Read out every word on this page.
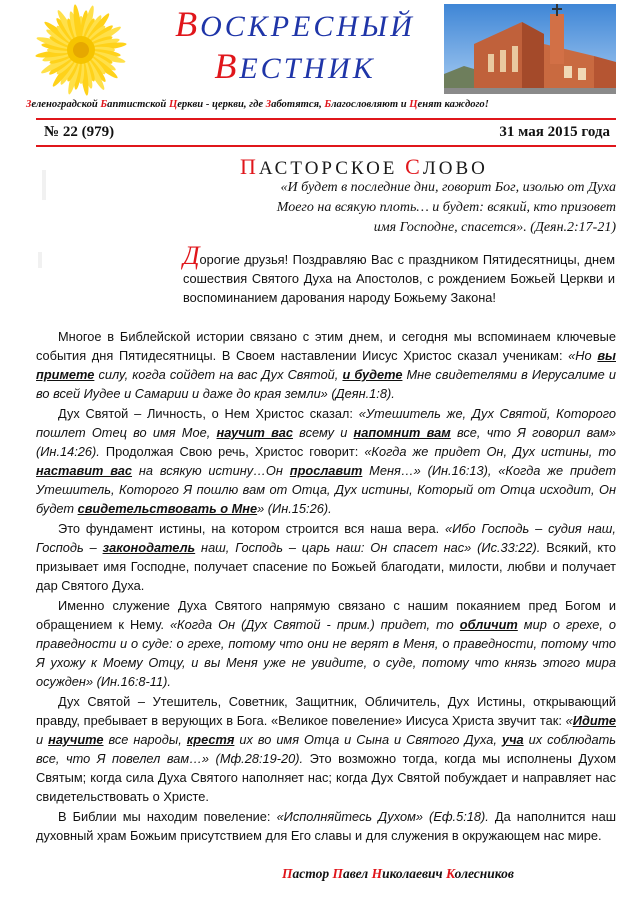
ВОСКРЕСНЫЙ
ВЕСТНИК
Зеленоградской Баптистской Церкви - церкви, где Заботятся, Благословляют и Ценят каждого!
№ 22 (979)	31 мая 2015 года
ПАСТОРСКОЕ СЛОВО
«И будет в последние дни, говорит Бог, изолью от Духа
Моего на всякую плоть… и будет: всякий, кто призовет
имя Господне, спасется». (Деян.2:17-21)
Дорогие друзья! Поздравляю Вас с праздником Пятидесятницы, днем сошествия Святого Духа на Апостолов, с рождением Божьей Церкви и воспоминанием дарования народу Божьему Закона!

Многое в Библейской истории связано с этим днем, и сегодня мы вспоминаем ключевые события дня Пятидесятницы. В Своем наставлении Иисус Христос сказал ученикам: «Но вы примете силу, когда сойдет на вас Дух Святой, и будете Мне свидетелями в Иерусалиме и во всей Иудее и Самарии и даже до края земли» (Деян.1:8).

Дух Святой – Личность, о Нем Христос сказал: «Утешитель же, Дух Святой, Которого пошлет Отец во имя Мое, научит вас всему и напомнит вам все, что Я говорил вам» (Ин.14:26). Продолжая Свою речь, Христос говорит: «Когда же придет Он, Дух истины, то наставит вас на всякую истину…Он прославит Меня…» (Ин.16:13), «Когда же придет Утешитель, Которого Я пошлю вам от Отца, Дух истины, Который от Отца исходит, Он будет свидетельствовать о Мне» (Ин.15:26).

Это фундамент истины, на котором строится вся наша вера. «Ибо Господь – судия наш, Господь – законодатель наш, Господь – царь наш: Он спасет нас» (Ис.33:22). Всякий, кто призывает имя Господне, получает спасение по Божьей благодати, милости, любви и получает дар Святого Духа.

Именно служение Духа Святого напрямую связано с нашим покаянием пред Богом и обращением к Нему. «Когда Он (Дух Святой - прим.) придет, то обличит мир о грехе, о праведности и о суде: о грехе, потому что они не верят в Меня, о праведности, потому что Я ухожу к Моему Отцу, и вы Меня уже не увидите, о суде, потому что князь этого мира осужден» (Ин.16:8-11).

Дух Святой – Утешитель, Советник, Защитник, Обличитель, Дух Истины, открывающий правду, пребывает в верующих в Бога. «Великое повеление» Иисуса Христа звучит так: «Идите и научите все народы, крестя их во имя Отца и Сына и Святого Духа, уча их соблюдать все, что Я повелел вам…» (Мф.28:19-20). Это возможно тогда, когда мы исполнены Духом Святым; когда сила Духа Святого наполняет нас; когда Дух Святой побуждает и направляет нас свидетельствовать о Христе.

В Библии мы находим повеление: «Исполняйтесь Духом» (Еф.5:18). Да наполнится наш духовный храм Божьим присутствием для Его славы и для служения в окружающем нас мире.

Пастор Павел Николаевич Колесников
